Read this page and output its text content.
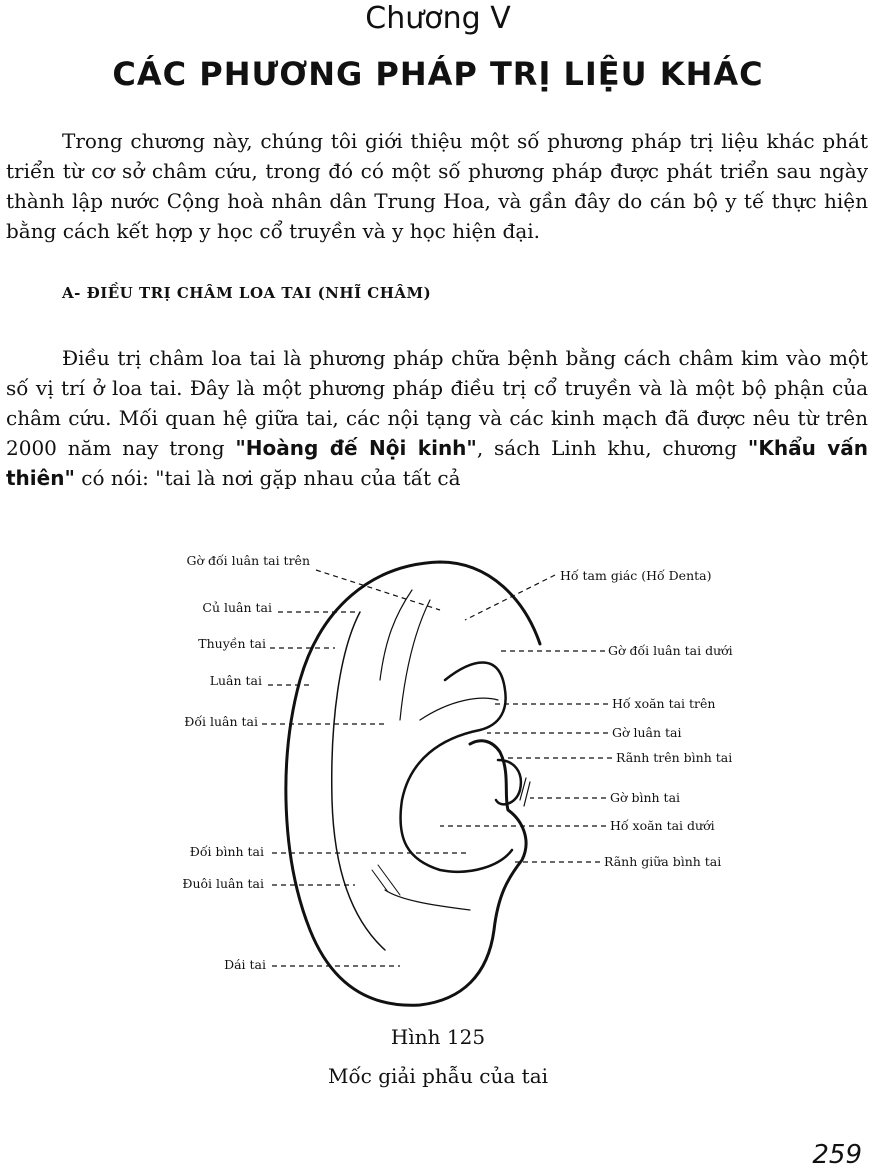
Chương V
CÁC PHƯƠNG PHÁP TRỊ LIỆU KHÁC

Trong chương này, chúng tôi giới thiệu một số phương pháp trị liệu khác phát triển từ cơ sở châm cứu, trong đó có một số phương pháp được phát triển sau ngày thành lập nước Cộng hoà nhân dân Trung Hoa, và gần đây do cán bộ y tế thực hiện bằng cách kết hợp y học cổ truyền và y học hiện đại.

A- ĐIỀU TRỊ CHÂM LOA TAI (NHĨ CHÂM)

Điều trị châm loa tai là phương pháp chữa bệnh bằng cách châm kim vào một số vị trí ở loa tai. Đây là một phương pháp điều trị cổ truyền và là một bộ phận của châm cứu. Mối quan hệ giữa tai, các nội tạng và các kinh mạch đã được nêu từ trên 2000 năm nay trong "Hoàng đế Nội kinh", sách Linh khu, chương "Khẩu vấn thiên" có nói: "tai là nơi gặp nhau của tất cả

Gờ đối luân tai trên
Củ luân tai
Thuyền tai
Luân tai
Đối luân tai
Đối bình tai
Đuôi luân tai
Dái tai
Hố tam giác (Hố Denta)
Gờ đối luân tai dưới
Hố xoăn tai trên
Gờ luân tai
Rãnh trên bình tai
Gờ bình tai
Hố xoăn tai dưới
Rãnh giữa bình tai
Hình 125
Mốc giải phẫu của tai
259
